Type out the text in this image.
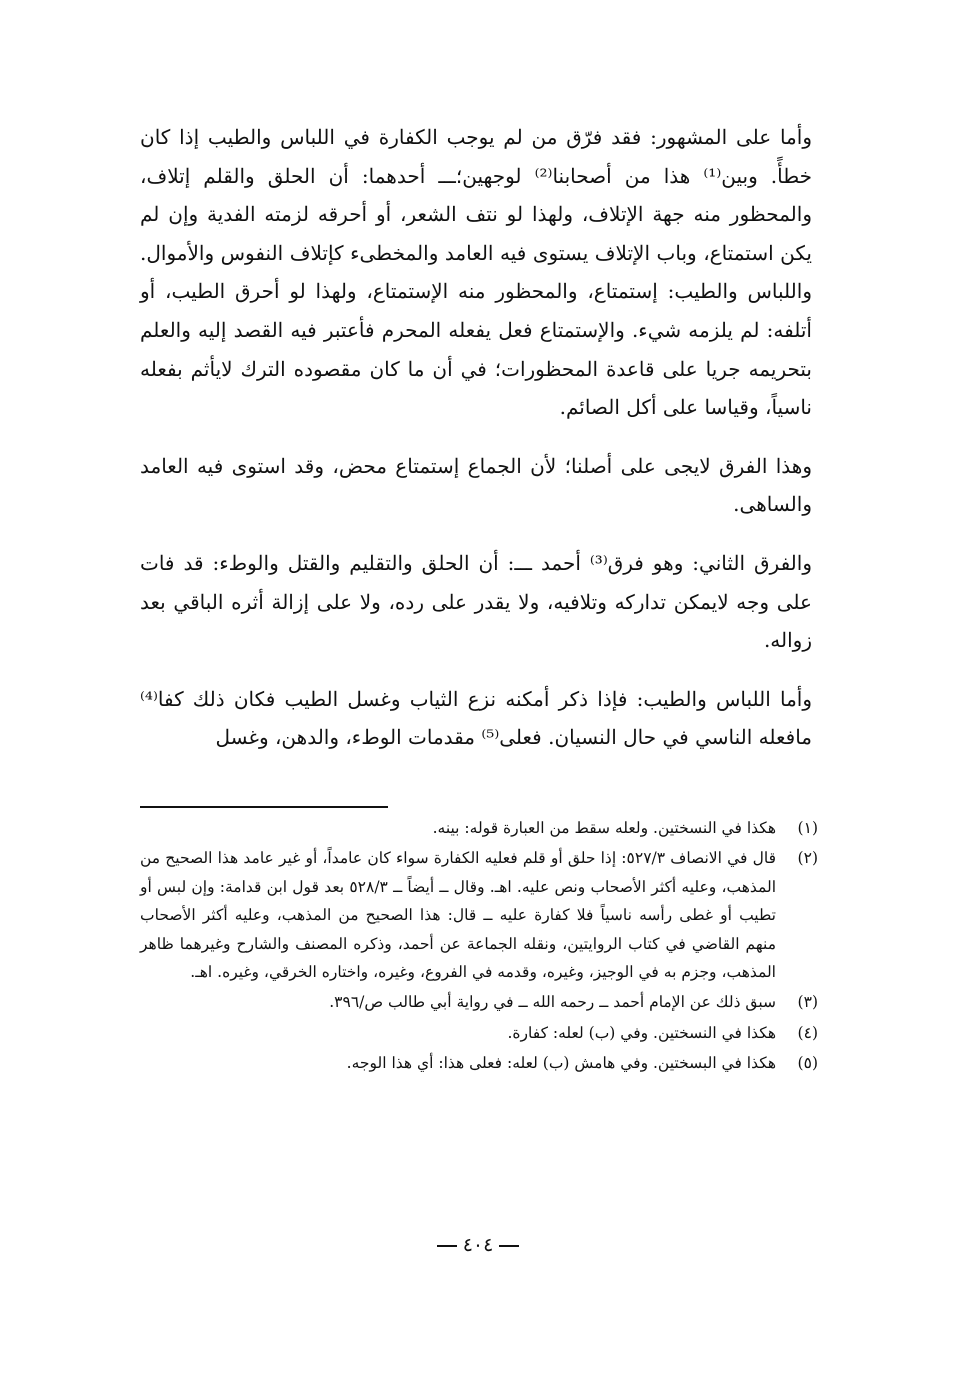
وأما على المشهور: فقد فرّق من لم يوجب الكفارة في اللباس والطيب إذا كان خطأً. وبين⁽¹⁾ هذا من أصحابنا⁽²⁾ لوجهين؛ـــ أحدهما: أن الحلق والقلم إتلاف، والمحظور منه جهة الإتلاف، ولهذا لو نتف الشعر، أو أحرقه لزمته الفدية وإن لم يكن استمتاع، وباب الإتلاف يستوى فيه العامد والمخطىء كإتلاف النفوس والأموال. واللباس والطيب: إستمتاع، والمحظور منه الإستمتاع، ولهذا لو أحرق الطيب، أو أتلفه: لم يلزمه شيء. والإستمتاع فعل يفعله المحرم فأعتبر فيه القصد إليه والعلم بتحريمه جريا على قاعدة المحظورات؛ في أن ما كان مقصوده الترك لايأثم بفعله ناسياً، وقياسا على أكل الصائم.

وهذا الفرق لايجى على أصلنا؛ لأن الجماع إستمتاع محض، وقد استوى فيه العامد والساهى.

والفرق الثاني: وهو فرق⁽³⁾ أحمد ـــ: أن الحلق والتقليم والقتل والوطء: قد فات على وجه لايمكن تداركه وتلافيه، ولا يقدر على رده، ولا على إزالة أثره الباقي بعد زواله.

وأما اللباس والطيب: فإذا ذكر أمكنه نزع الثياب وغسل الطيب فكان ذلك كفا⁽⁴⁾مافعله الناسي في حال النسيان. فعلى⁽⁵⁾ مقدمات الوطء، والدهن، وغسل

(١)
هكذا في النسختين. ولعله سقط من العبارة قوله: بينه.
(٢)
قال في الانصاف ٥٢٧/٣: إذا حلق أو قلم فعليه الكفارة سواء كان عامداً، أو غير عامد هذا الصحيح من المذهب، وعليه أكثر الأصحاب ونص عليه. اهـ. وقال ــ أيضاً ــ ٥٢٨/٣ بعد قول ابن قدامة: وإن لبس أو تطيب أو غطى رأسه ناسياً فلا كفارة عليه ــ قال: هذا الصحيح من المذهب، وعليه أكثر الأصحاب منهم القاضي في كتاب الروايتين، ونقله الجماعة عن أحمد، وذكره المصنف والشارح وغيرهما ظاهر المذهب، وجزم به في الوجيز، وغيره، وقدمه في الفروع، وغيره، واختاره الخرقي، وغيره. اهـ.
(٣)
سبق ذلك عن الإمام أحمد ــ رحمه الله ــ في رواية أبي طالب ص/٣٩٦.
(٤)
هكذا في النسختين. وفي (ب) لعله: كفارة.
(٥)
هكذا في البسختين. وفي هامش (ب) لعله: فعلى هذا: أي هذا الوجه.
٤٠٤
